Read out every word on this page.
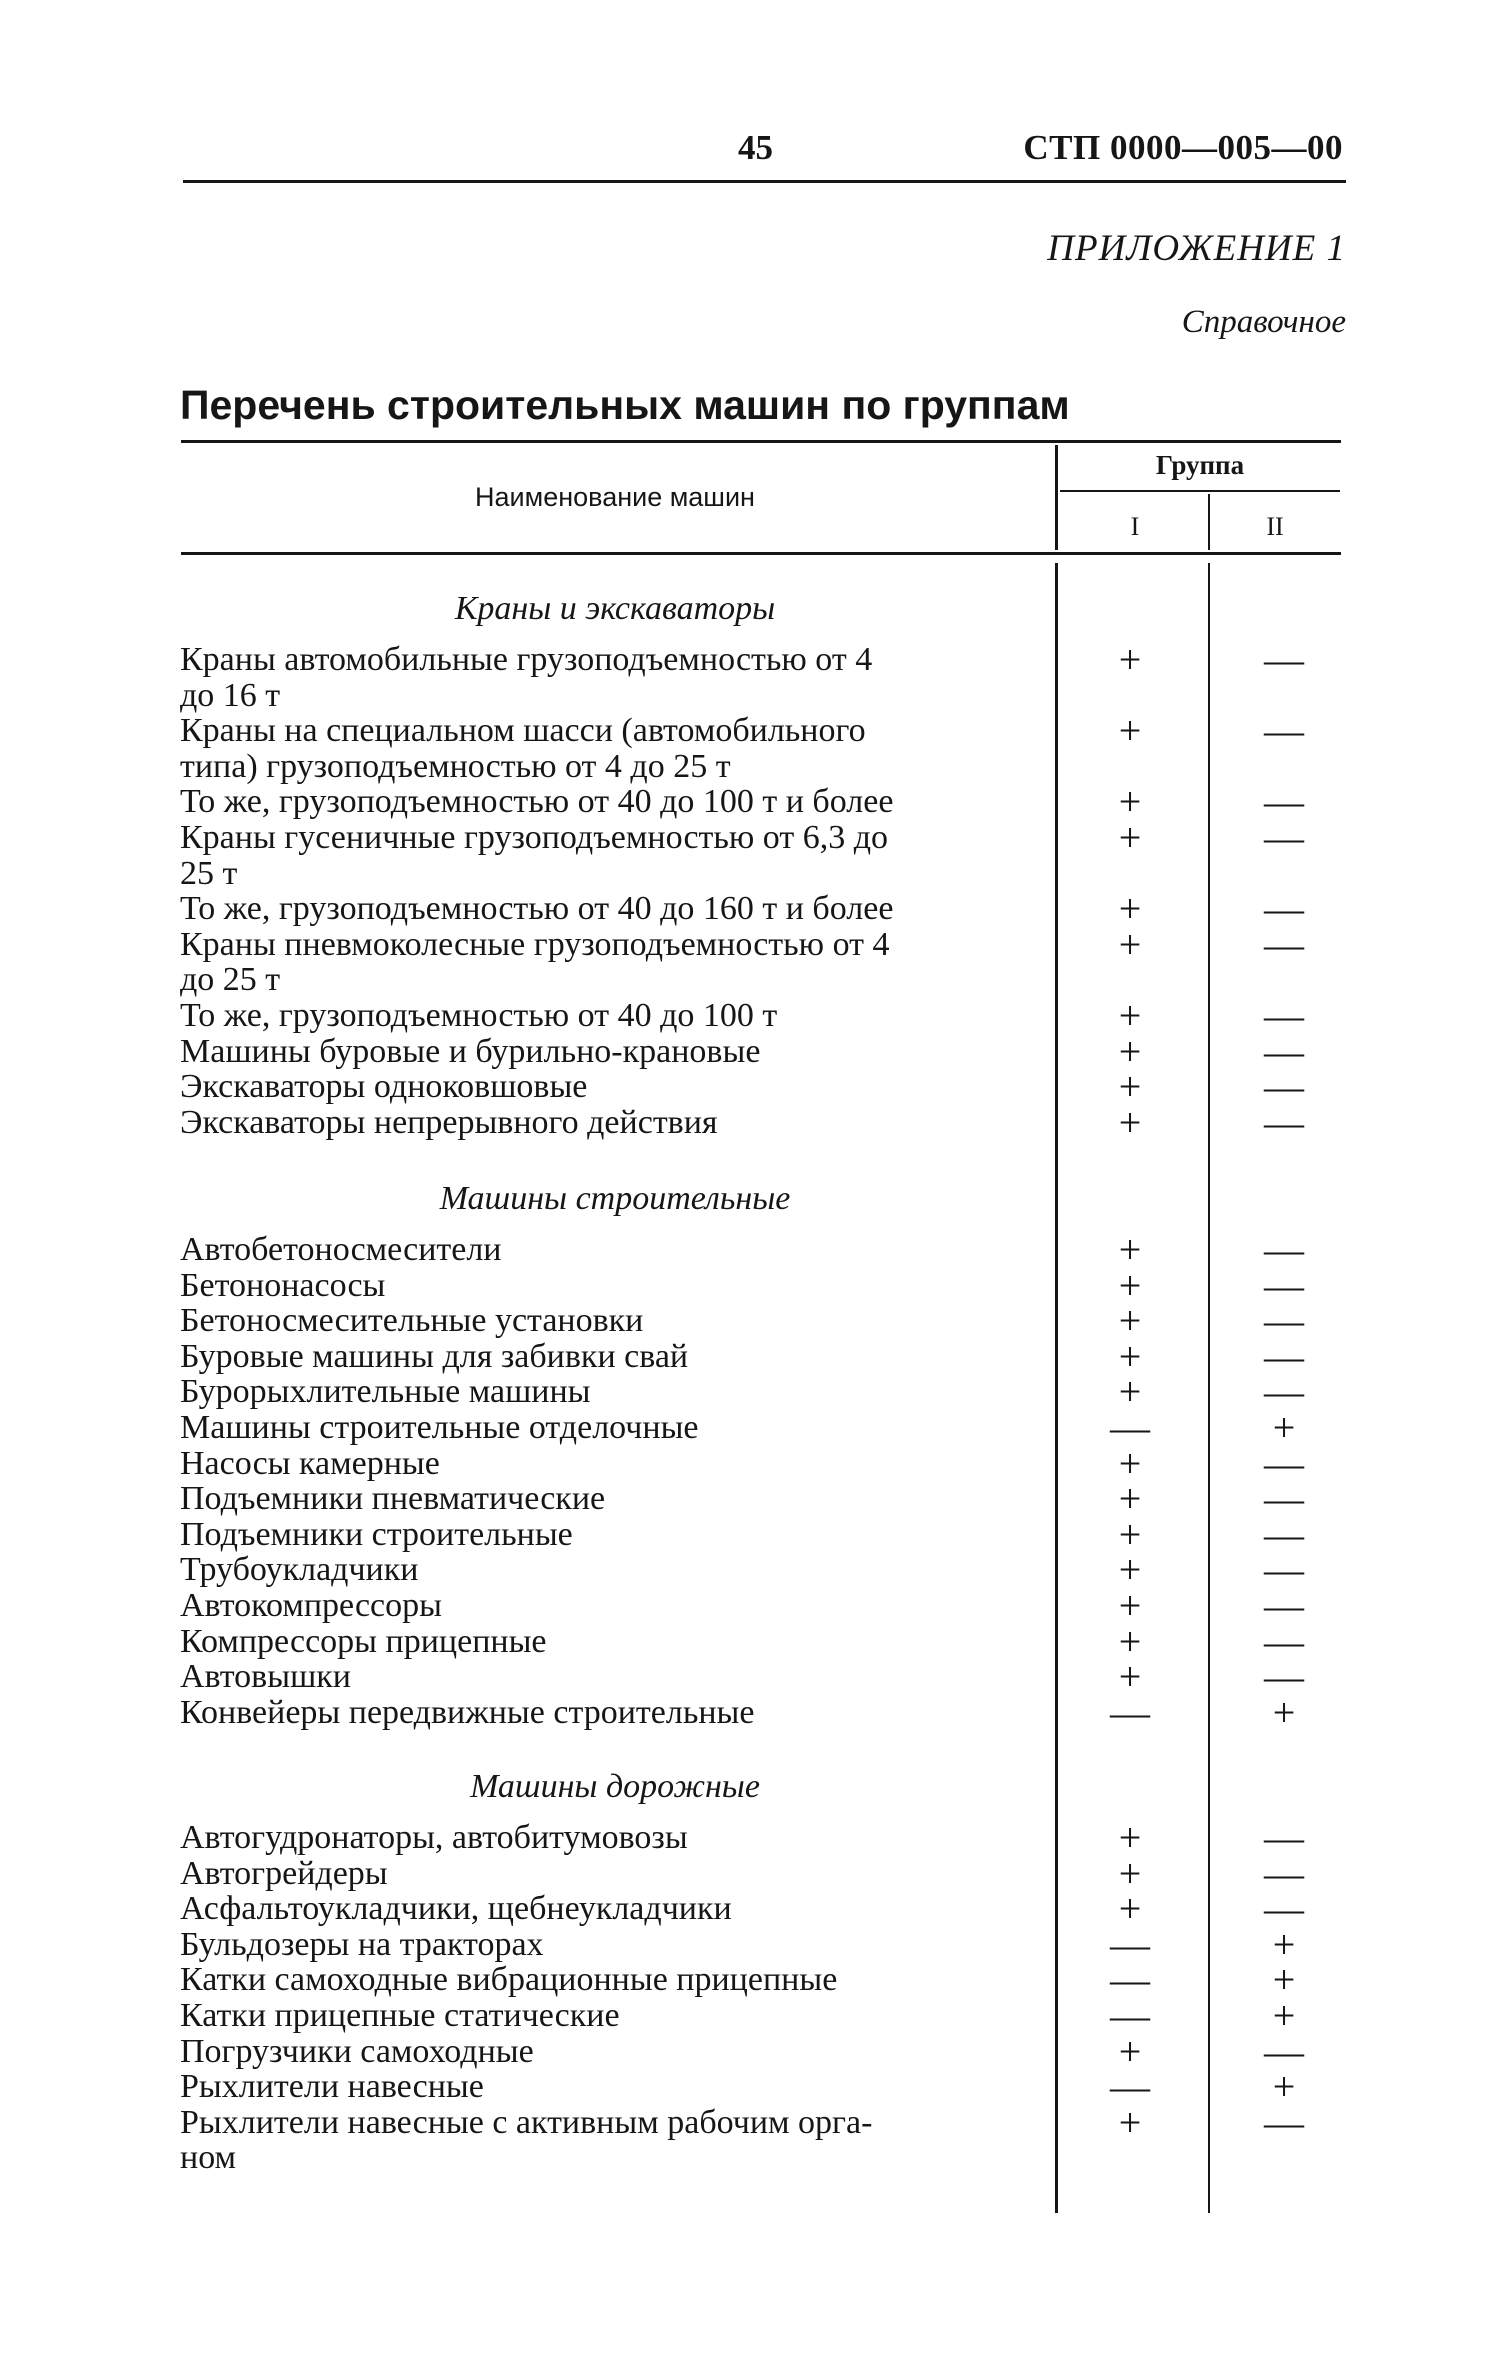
45	СТП 0000—005—00
ПРИЛОЖЕНИЕ 1
Справочное
Перечень строительных машин по группам
Наименование машин
Группа
I	II
Краны и экскаваторы
Краны автомобильные грузоподъемностью от 4
до 16 т
+	—
Краны на специальном шасси (автомобильного
типа) грузоподъемностью от 4 до 25 т
+	—
То же, грузоподъемностью от 40 до 100 т и более	+	—
Краны гусеничные грузоподъемностью от 6,3 до
25 т
+	—
То же, грузоподъемностью от 40 до 160 т и более	+	—
Краны пневмоколесные грузоподъемностью от 4
до 25 т
+	—
То же, грузоподъемностью от 40 до 100 т	+	—
Машины буровые и бурильно-крановые	+	—
Экскаваторы одноковшовые	+	—
Экскаваторы непрерывного действия	+	—
Машины строительные
Автобетоносмесители	+	—
Бетононасосы	+	—
Бетоносмесительные установки	+	—
Буровые машины для забивки свай	+	—
Бурорыхлительные машины	+	—
Машины строительные отделочные	—	+
Насосы камерные	+	—
Подъемники пневматические	+	—
Подъемники строительные	+	—
Трубоукладчики	+	—
Автокомпрессоры	+	—
Компрессоры прицепные	+	—
Автовышки	+	—
Конвейеры передвижные строительные	—	+
Машины дорожные
Автогудронаторы, автобитумовозы	+	—
Автогрейдеры	+	—
Асфальтоукладчики, щебнеукладчики	+	—
Бульдозеры на тракторах	—	+
Катки самоходные вибрационные прицепные	—	+
Катки прицепные статические	—	+
Погрузчики самоходные	+	—
Рыхлители навесные	—	+
Рыхлители навесные с активным рабочим орга-
ном
+	—
